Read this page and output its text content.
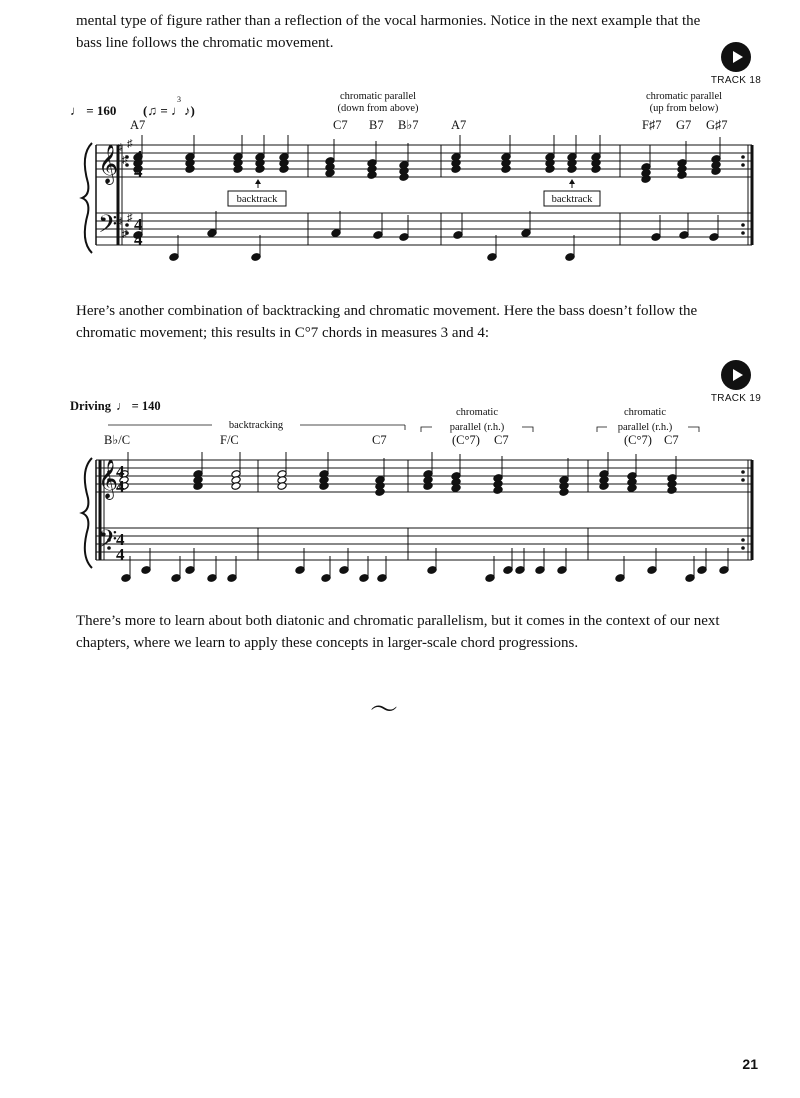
mental type of figure rather than a reflection of the vocal harmonies. Notice in the next example that the bass line follows the chromatic movement.

TRACK 18
♩ = 160 (♫ = ♩♪)
3	chromatic parallel
(down from above)
chromatic parallel
(up from below)
A7	C7 B7 B♭7	A7	F♯7 G7 G♯7
𝄞
𝄢
♯
♯
♯
♯
♯
♯
backtrack	backtrack
4
4
4
4

Here’s another combination of backtracking and chromatic movement. Here the bass doesn’t follow the chromatic movement; this results in C°7 chords in measures 3 and 4:

TRACK 19
Driving ♩ = 140
backtracking
chromatic
parallel (r.h.)
chromatic
parallel (r.h.)
B♭/C	F/C	C7	(C°7) C7	(C°7) C7
𝄞
𝄢
4
4
4
4

There’s more to learn about both diatonic and chromatic parallelism, but it comes in the context of our next chapters, where we learn to apply these concepts in larger-scale chord progressions.

〜
21
